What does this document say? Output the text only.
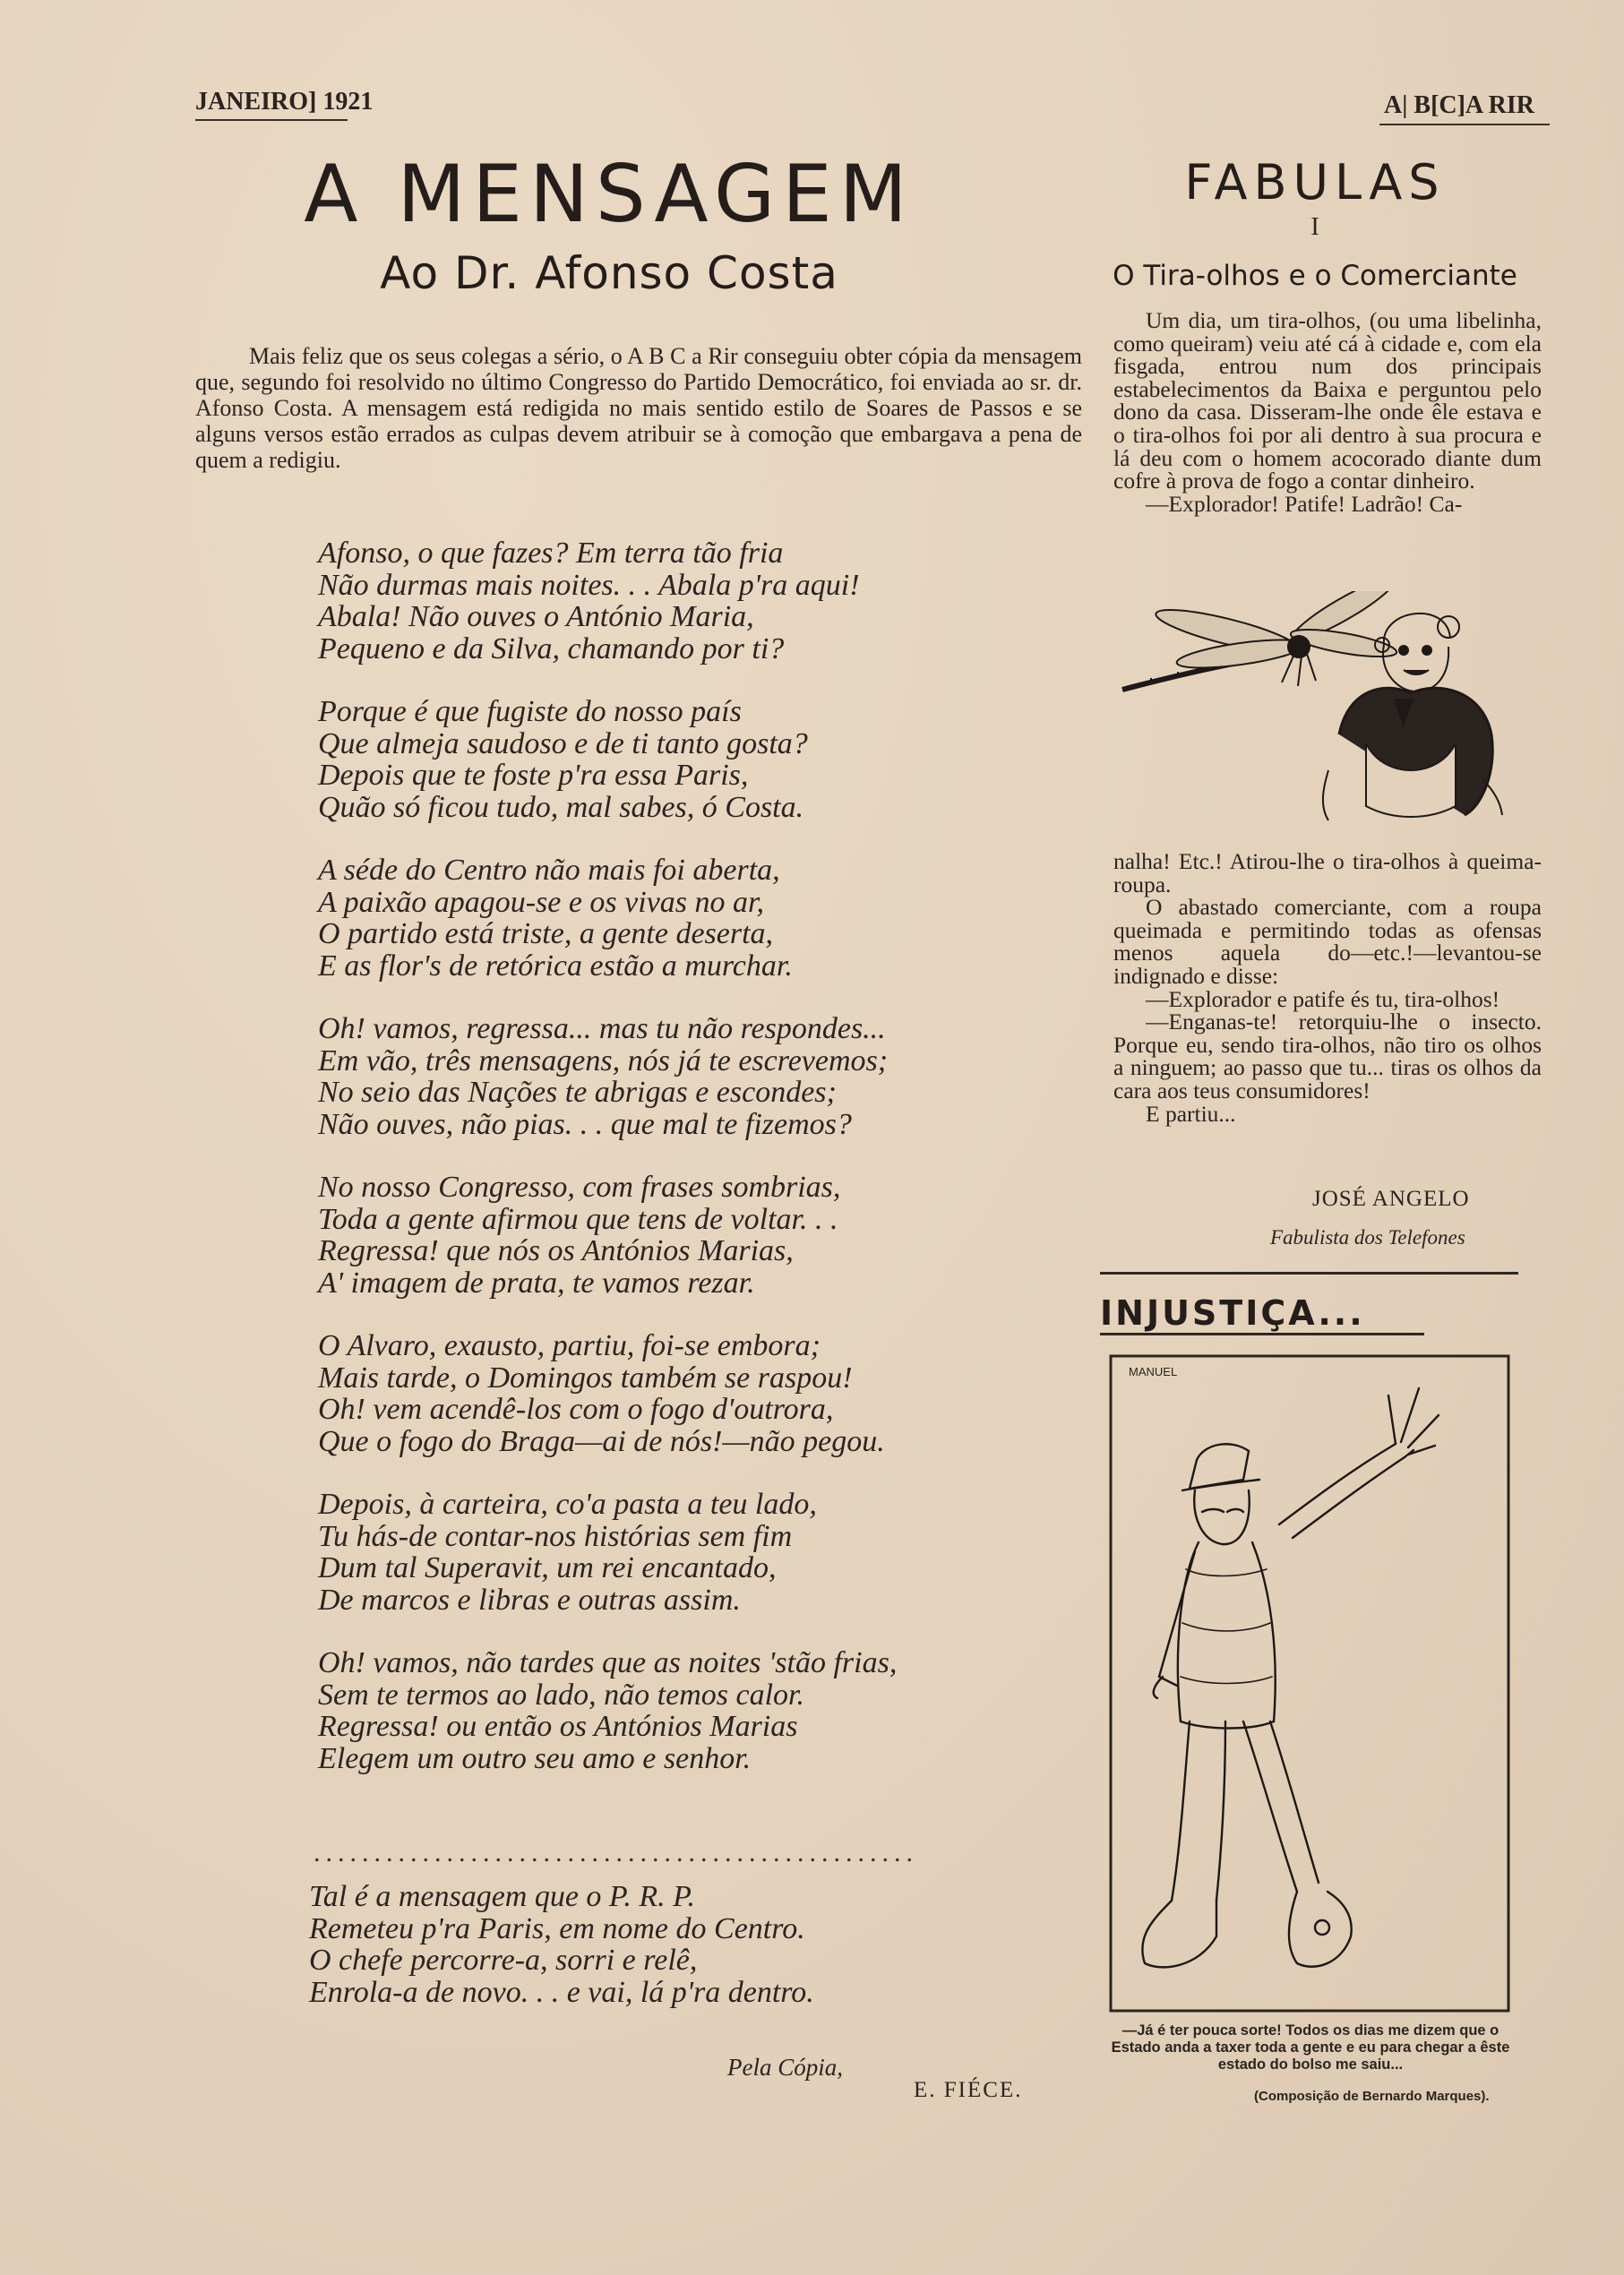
JANEIRO] 1921	A| B[C]A RIR
A MENSAGEM
Ao Dr. Afonso Costa
Mais feliz que os seus colegas a sério, o A B C a Rir conseguiu obter cópia da mensagem que, segundo foi resolvido no último Congresso do Partido Democrático, foi enviada ao sr. dr. Afonso Costa. A mensagem está redigida no mais sentido estilo de Soares de Passos e se alguns versos estão errados as culpas devem atribuir se à comoção que embargava a pena de quem a redigiu.
Afonso, o que fazes? Em terra tão fria
Não durmas mais noites. . . Abala p'ra aqui!
Abala! Não ouves o António Maria,
Pequeno e da Silva, chamando por ti?
Porque é que fugiste do nosso país
Que almeja saudoso e de ti tanto gosta?
Depois que te foste p'ra essa Paris,
Quão só ficou tudo, mal sabes, ó Costa.
A séde do Centro não mais foi aberta,
A paixão apagou-se e os vivas no ar,
O partido está triste, a gente deserta,
E as flor's de retórica estão a murchar.
Oh! vamos, regressa... mas tu não respondes...
Em vão, três mensagens, nós já te escrevemos;
No seio das Nações te abrigas e escondes;
Não ouves, não pias. . . que mal te fizemos?
No nosso Congresso, com frases sombrias,
Toda a gente afirmou que tens de voltar. . .
Regressa! que nós os Antónios Marias,
A' imagem de prata, te vamos rezar.
O Alvaro, exausto, partiu, foi-se embora;
Mais tarde, o Domingos também se raspou!
Oh! vem acendê-los com o fogo d'outrora,
Que o fogo do Braga—ai de nós!—não pegou.
Depois, à carteira, co'a pasta a teu lado,
Tu hás-de contar-nos histórias sem fim
Dum tal Superavit, um rei encantado,
De marcos e libras e outras assim.
Oh! vamos, não tardes que as noites 'stão frias,
Sem te termos ao lado, não temos calor.
Regressa! ou então os Antónios Marias
Elegem um outro seu amo e senhor.
..................................................
Tal é a mensagem que o P. R. P.
Remeteu p'ra Paris, em nome do Centro.
O chefe percorre-a, sorri e relê,
Enrola-a de novo. . . e vai, lá p'ra dentro.
Pela Cópia,
E. FIÉCE.
FABULAS
I
O Tira-olhos e o Comerciante

Um dia, um tira-olhos, (ou uma libelinha, como queiram) veiu até cá à cidade e, com ela fisgada, entrou num dos principais estabelecimentos da Baixa e perguntou pelo dono da casa. Disseram-lhe onde êle estava e o tira-olhos foi por ali dentro à sua procura e lá deu com o homem acocorado diante dum cofre à prova de fogo a contar dinheiro.

—Explorador! Patife! Ladrão! Ca-

nalha! Etc.! Atirou-lhe o tira-olhos à queima-roupa.

O abastado comerciante, com a roupa queimada e permitindo todas as ofensas menos aquela do—etc.!—levantou-se indignado e disse:

—Explorador e patife és tu, tira-olhos!

—Enganas-te! retorquiu-lhe o insecto. Porque eu, sendo tira-olhos, não tiro os olhos a ninguem; ao passo que tu... tiras os olhos da cara aos teus consumidores!

E partiu...

JOSÉ ANGELO
Fabulista dos Telefones
INJUSTIÇA...
MANUEL
—Já é ter pouca sorte! Todos os dias me dizem que o Estado anda a taxer toda a gente e eu para chegar a êste estado do bolso me saiu...
(Composição de Bernardo Marques).
